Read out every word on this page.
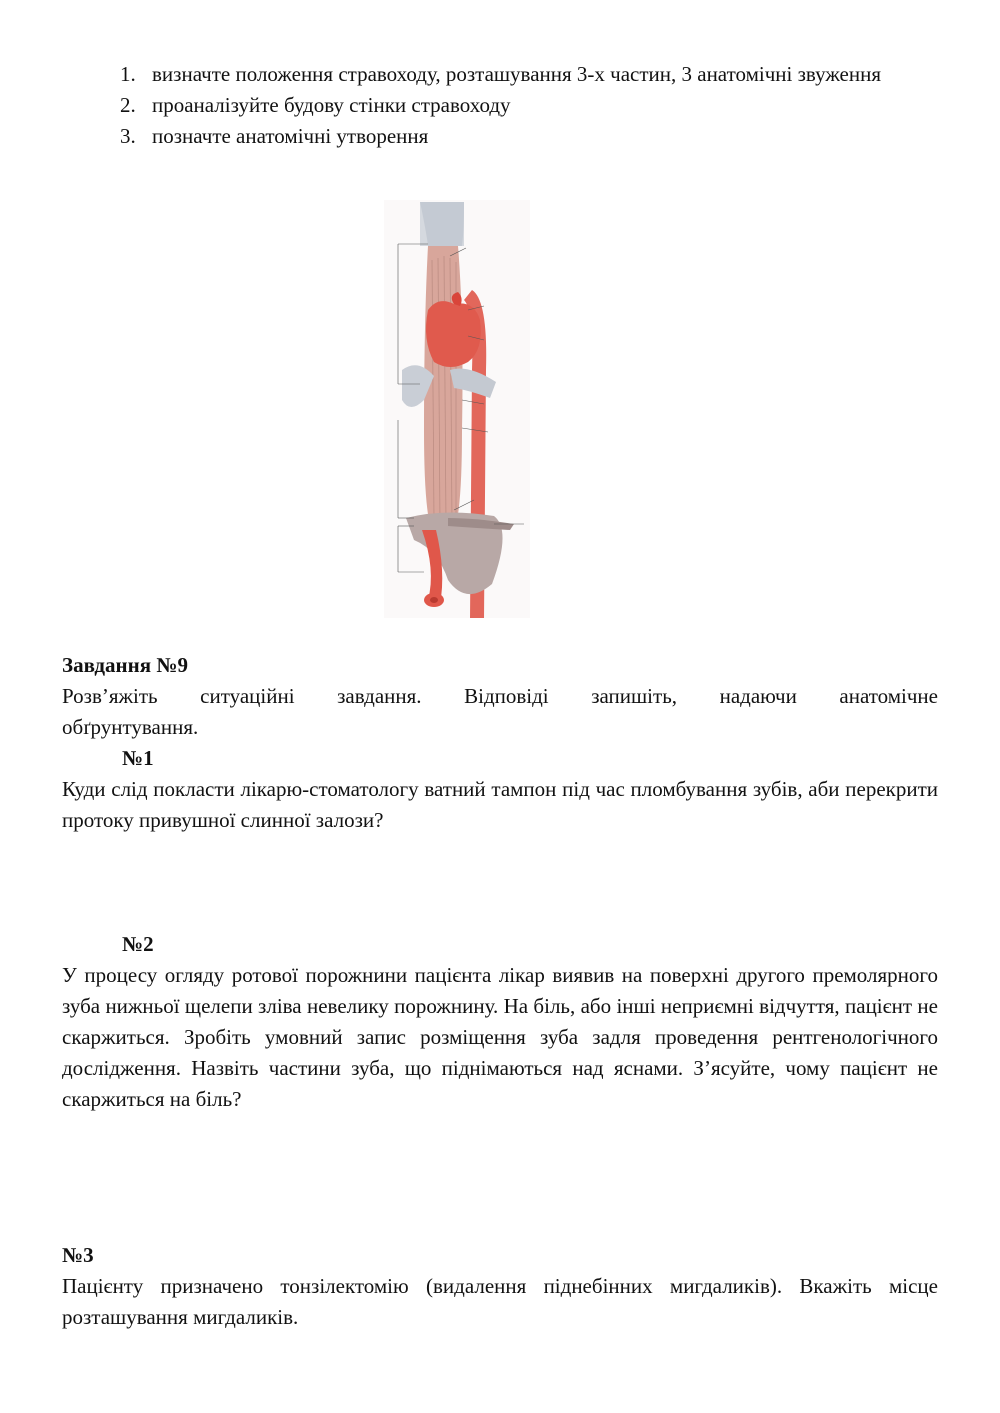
1. визначте положення стравоходу, розташування 3-х частин, 3 анатомічні звуження
2. проаналізуйте будову стінки стравоходу
3. позначте анатомічні утворення
Завдання №9
Розв’яжіть ситуаційні завдання. Відповіді запишіть, надаючи анатомічне
обґрунтування.
№1
Куди слід покласти лікарю-стоматологу ватний тампон під час пломбування зубів, аби перекрити протоку привушної слинної залози?
№2
У процесу огляду ротової порожнини пацієнта лікар виявив на поверхні другого премолярного зуба нижньої щелепи зліва невелику порожнину. На біль, або інші неприємні відчуття, пацієнт не скаржиться. Зробіть умовний запис розміщення зуба задля проведення рентгенологічного дослідження. Назвіть частини зуба, що піднімаються над яснами. З’ясуйте, чому пацієнт не скаржиться на біль?
№3
Пацієнту призначено тонзілектомію (видалення піднебінних мигдаликів). Вкажіть місце розташування мигдаликів.
